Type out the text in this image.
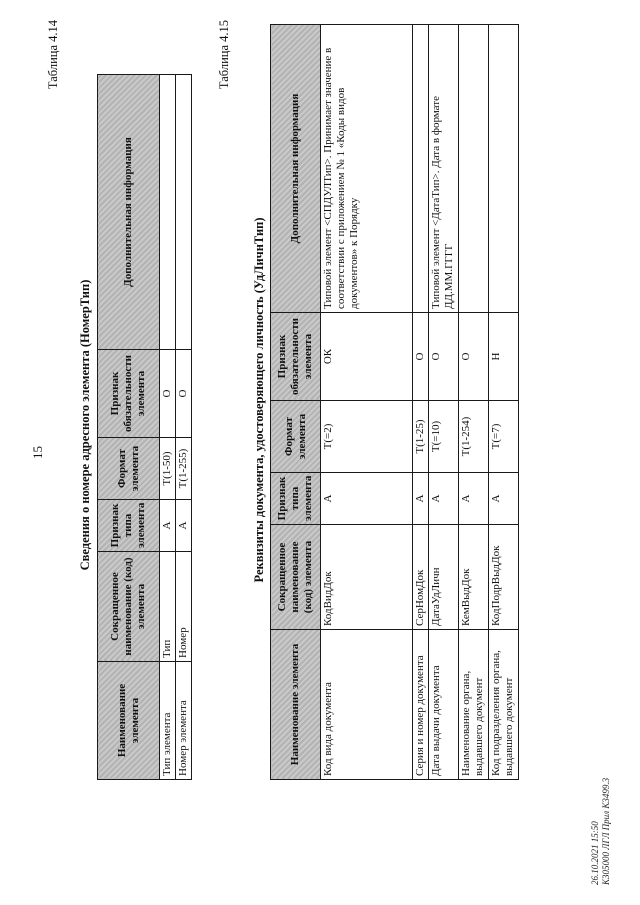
15
Таблица 4.14
Сведения о номере адресного элемента (НомерТип)
Наименование элемента	Сокращенное наименование (код) элемента	Признак типа элемента	Формат элемента	Признак обязательности элемента	Дополнительная информация
Тип элемента	Тип	А	T(1-50)	О	
Номер элемента	Номер	А	T(1-255)	О	
Таблица 4.15
Реквизиты документа, удостоверяющего личность (УдЛичнТип)
Наименование элемента	Сокращенное наименование (код) элемента	Признак типа элемента	Формат элемента	Признак обязательности элемента	Дополнительная информация
Код вида документа	КодВидДок	А	T(=2)	ОК	Типовой элемент <СПДУЛТип>. Принимает значение в соответствии с приложением № 1 «Коды видов документов» к Порядку
Серия и номер документа	СерНомДок	А	T(1-25)	О	
Дата выдачи документа	ДатаУдЛичн	А	T(=10)	О	Типовой элемент <ДатаТип>. Дата в формате ДД.ММ.ГГГГ
Наименование органа, выдавшего документ	КемВыдДок	А	T(1-254)	О	
Код подразделения органа, выдавшего документ	КодПодрВыдДок	А	T(=7)	Н	
26.10.2021 15:50 К305000 ЛГЛ Прил К3499.3
